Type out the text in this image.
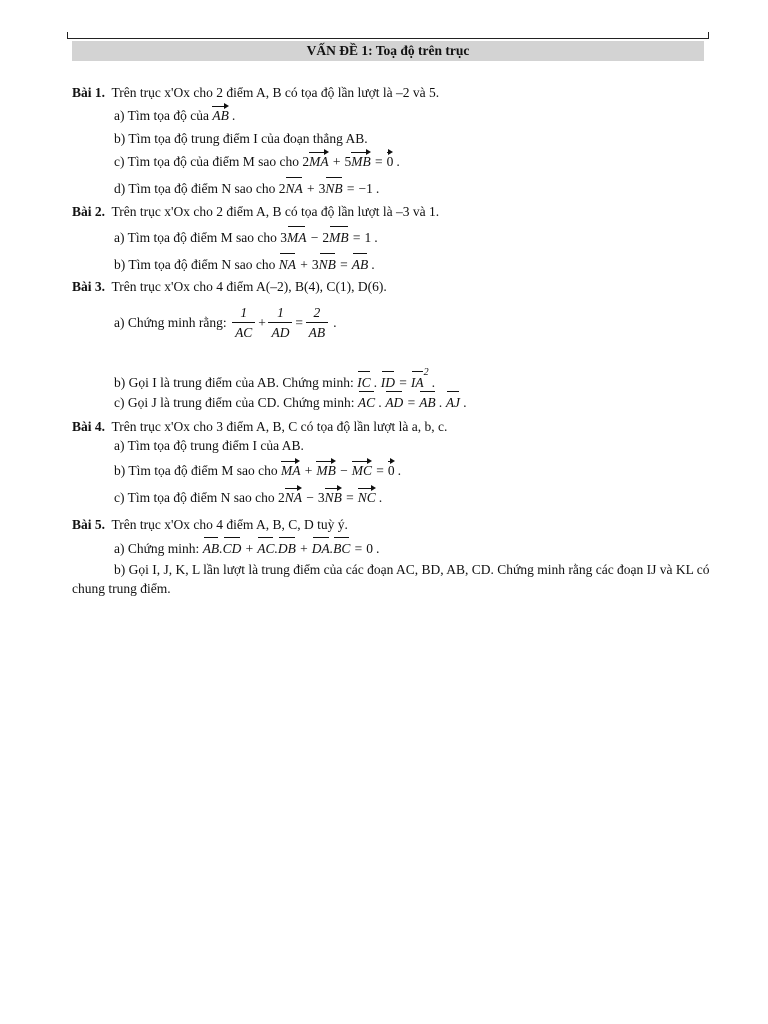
VẤN ĐỀ 1: Toạ độ trên trục
Bài 1. Trên trục x'Ox cho 2 điểm A, B có tọa độ lần lượt là –2 và 5.
a) Tìm tọa độ của AB .
b) Tìm tọa độ trung điểm I của đoạn thẳng AB.
c) Tìm tọa độ của điểm M sao cho 2MA + 5MB = 0 .
d) Tìm tọa độ điểm N sao cho 2NA + 3NB = −1 .
Bài 2. Trên trục x'Ox cho 2 điểm A, B có tọa độ lần lượt là –3 và 1.
a) Tìm tọa độ điểm M sao cho 3MA − 2MB = 1 .
b) Tìm tọa độ điểm N sao cho NA + 3NB = AB .
Bài 3. Trên trục x'Ox cho 4 điểm A(–2), B(4), C(1), D(6).
a) Chứng minh rằng: $\frac{1}{AC} + \frac{1}{AD} = \frac{2}{AB}$ .
b) Gọi I là trung điểm của AB. Chứng minh: IC . ID = $IA^2$ .
c) Gọi J là trung điểm của CD. Chứng minh: AC . AD = AB . AJ .
Bài 4. Trên trục x'Ox cho 3 điểm A, B, C có tọa độ lần lượt là a, b, c.
a) Tìm tọa độ trung điểm I của AB.
b) Tìm tọa độ điểm M sao cho MA + MB − MC = 0 .
c) Tìm tọa độ điểm N sao cho 2NA − 3NB = NC .
Bài 5. Trên trục x'Ox cho 4 điểm A, B, C, D tuỳ ý.
a) Chứng minh: AB.CD + AC.DB + DA.BC = 0 .
b) Gọi I, J, K, L lần lượt là trung điểm của các đoạn AC, BD, AB, CD. Chứng minh rằng các đoạn IJ và KL có
chung trung điểm.
